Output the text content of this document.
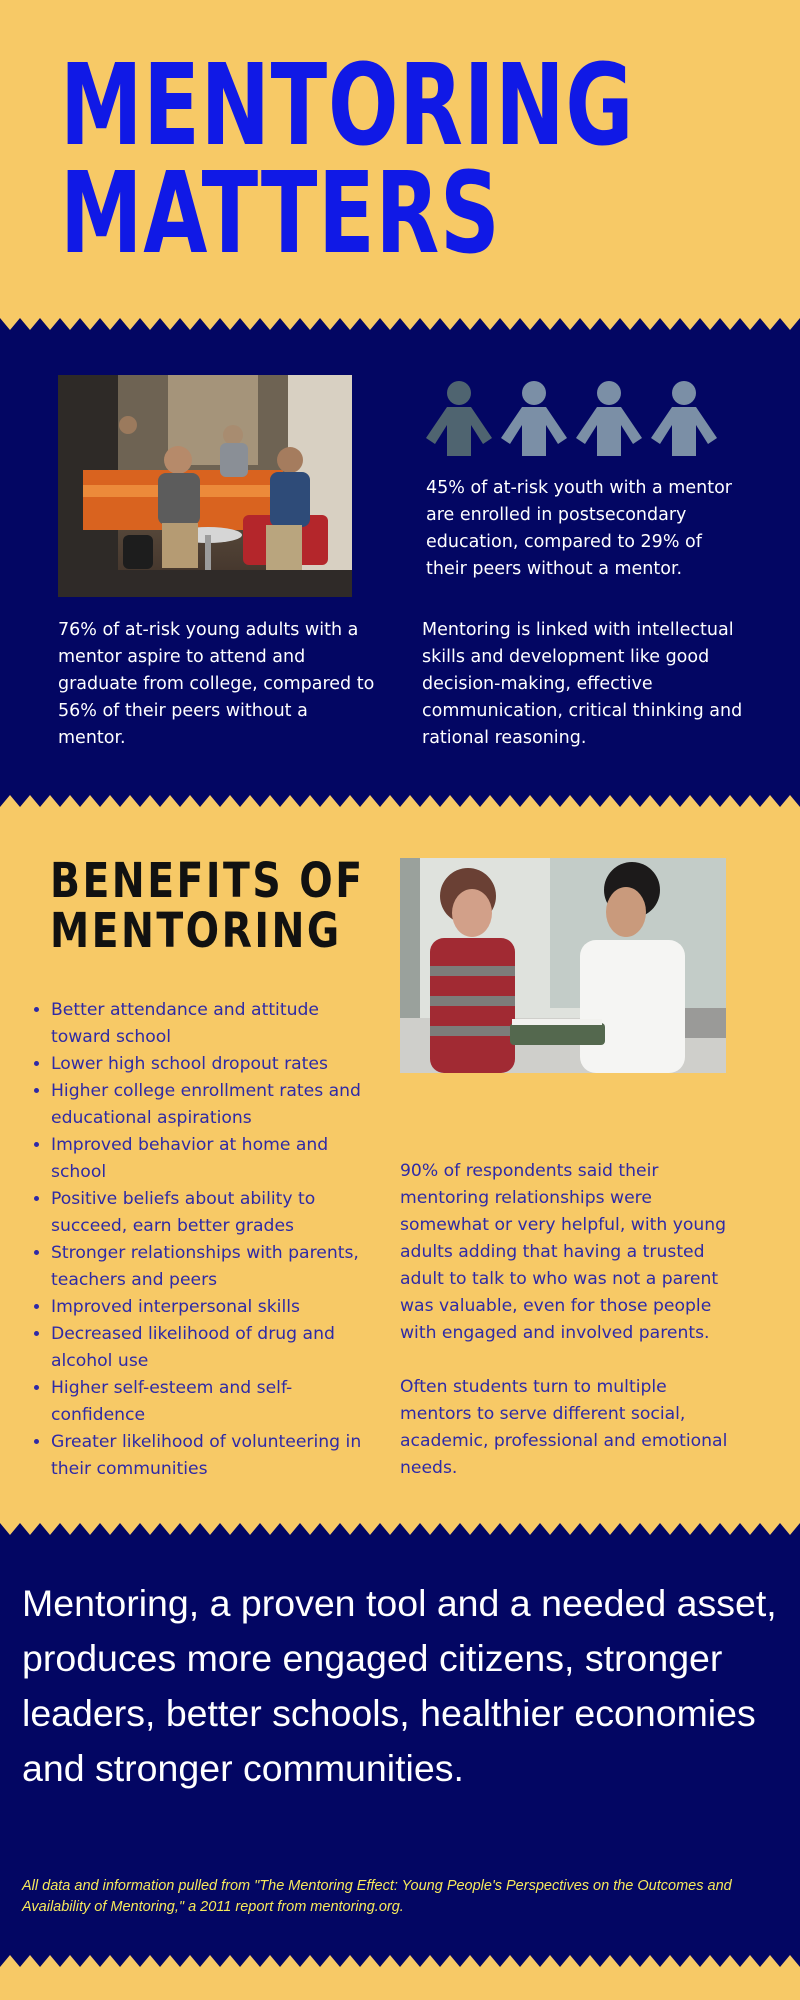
MENTORING
MATTERS

45% of at-risk youth with a mentor are enrolled in postsecondary education, compared to 29% of their peers without a mentor.

76% of at-risk young adults with a mentor aspire to attend and graduate from college, compared to 56% of their peers without a mentor.

Mentoring is linked with intellectual skills and development like good decision-making, effective communication, critical thinking and rational reasoning.

BENEFITS OF
MENTORING
• Better attendance and attitude toward school
• Lower high school dropout rates
• Higher college enrollment rates and educational aspirations
• Improved behavior at home and school
• Positive beliefs about ability to succeed, earn better grades
• Stronger relationships with parents, teachers and peers
• Improved interpersonal skills
• Decreased likelihood of drug and alcohol use
• Higher self-esteem and self-confidence
• Greater likelihood of volunteering in their communities

90% of respondents said their mentoring relationships were somewhat or very helpful, with young adults adding that having a trusted adult to talk to who was not a parent was valuable, even for those people with engaged and involved parents.

Often students turn to multiple mentors to serve different social, academic, professional and emotional needs.

Mentoring, a proven tool and a needed asset, produces more engaged citizens, stronger leaders, better schools, healthier economies and stronger communities.

All data and information pulled from "The Mentoring Effect: Young People's Perspectives on the Outcomes and Availability of Mentoring," a 2011 report from mentoring.org.
